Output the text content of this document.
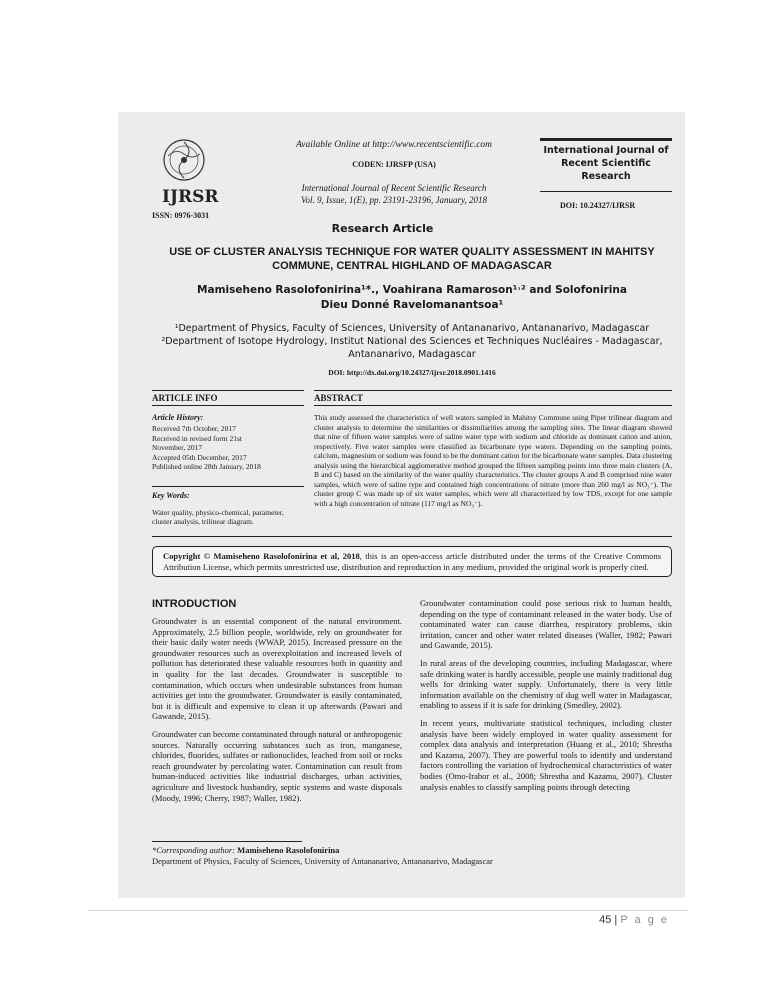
IJRSR
ISSN: 0976-3031
Available Online at http://www.recentscientific.com
CODEN: IJRSFP (USA)
International Journal of Recent Scientific Research
Vol. 9, Issue, 1(E), pp. 23191-23196, January, 2018
International Journal of Recent Scientific Research
DOI: 10.24327/IJRSR
Research Article
USE OF CLUSTER ANALYSIS TECHNIQUE FOR WATER QUALITY ASSESSMENT IN MAHITSY COMMUNE, CENTRAL HIGHLAND OF MADAGASCAR
Mamiseheno Rasolofonirina¹*., Voahirana Ramaroson¹˒² and Solofonirina
Dieu Donné Ravelomanantsoa¹
¹Department of Physics, Faculty of Sciences, University of Antananarivo, Antananarivo, Madagascar
²Department of Isotope Hydrology, Institut National des Sciences et Techniques Nucléaires - Madagascar, Antananarivo, Madagascar
DOI: http://dx.doi.org/10.24327/ijrsr.2018.0901.1416
ARTICLE INFO
Article History:
Received 7th October, 2017
Received in revised form 21st
November, 2017
Accepted 05th December, 2017
Published online 28th January, 2018
Key Words:
Water quality, physico-chemical, parameter, cluster analysis, trilinear diagram.
ABSTRACT

This study assessed the characteristics of well waters sampled in Mahitsy Commune using Piper trilinear diagram and cluster analysis to determine the similarities or dissimilarities among the sampling sites. The linear diagram showed that nine of fifteen water samples were of saline water type with sodium and chloride as dominant cation and anion, respectively. Five water samples were classified as bicarbonate type waters. Depending on the sampling points, calcium, magnesium or sodium was found to be the dominant cation for the bicarbonate water samples. Data clustering analysis using the hierarchical agglomerative method grouped the fifteen sampling points into three main clusters (A, B and C) based on the similarity of the water quality characteristics. The cluster groups A and B comprised nine water samples, which were of saline type and contained high concentrations of nitrate (more than 260 mg/l as NO₃⁻). The cluster group C was made up of six water samples, which were all characterized by low TDS, except for one sample with a high concentration of nitrate (117 mg/l as NO₃⁻).

Copyright © Mamiseheno Rasolofonirina et al, 2018, this is an open-access article distributed under the terms of the Creative Commons Attribution License, which permits unrestricted use, distribution and reproduction in any medium, provided the original work is properly cited.
INTRODUCTION

Groundwater is an essential component of the natural environment. Approximately, 2.5 billion people, worldwide, rely on groundwater for their basic daily water needs (WWAP, 2015). Increased pressure on the groundwater resources such as overexploitation and increased levels of pollution has deteriorated these valuable resources both in quantity and in quality for the last decades. Groundwater is susceptible to contamination, which occurs when undesirable substances from human activities get into the groundwater. Groundwater is easily contaminated, but it is difficult and expensive to clean it up afterwards (Pawari and Gawande, 2015).

Groundwater can become contaminated through natural or anthropogenic sources. Naturally occurring substances such as iron, manganese, chlorides, fluorides, sulfates or radionuclides, leached from soil or rocks reach groundwater by percolating water. Contamination can result from human-induced activities like industrial discharges, urban activities, agriculture and livestock husbandry, septic systems and waste disposals (Moody, 1996; Cherry, 1987; Waller, 1982).

Groundwater contamination could pose serious risk to human health, depending on the type of contaminant released in the water body. Use of contaminated water can cause diarrhea, respiratory problems, skin irritation, cancer and other water related diseases (Waller, 1982; Pawari and Gawande, 2015).

In rural areas of the developing countries, including Madagascar, where safe drinking water is hardly accessible, people use mainly traditional dug wells for drinking water supply. Unfortunately, there is very little information available on the chemistry of dug well water in Madagascar, enabling to assess if it is safe for drinking (Smedley, 2002).

In recent years, multivariate statistical techniques, including cluster analysis have been widely employed in water quality assessment for complex data analysis and interpretation (Huang et al., 2010; Shrestha and Kazama, 2007). They are powerful tools to identify and understand factors controlling the variation of hydrochemical characteristics of water bodies (Omo-Irabor et al., 2008; Shrestha and Kazama, 2007). Cluster analysis enables to classify sampling points through detecting

*Corresponding author: Mamiseheno Rasolofonirina
Department of Physics, Faculty of Sciences, University of Antananarivo, Antananarivo, Madagascar
45 | P a g e
